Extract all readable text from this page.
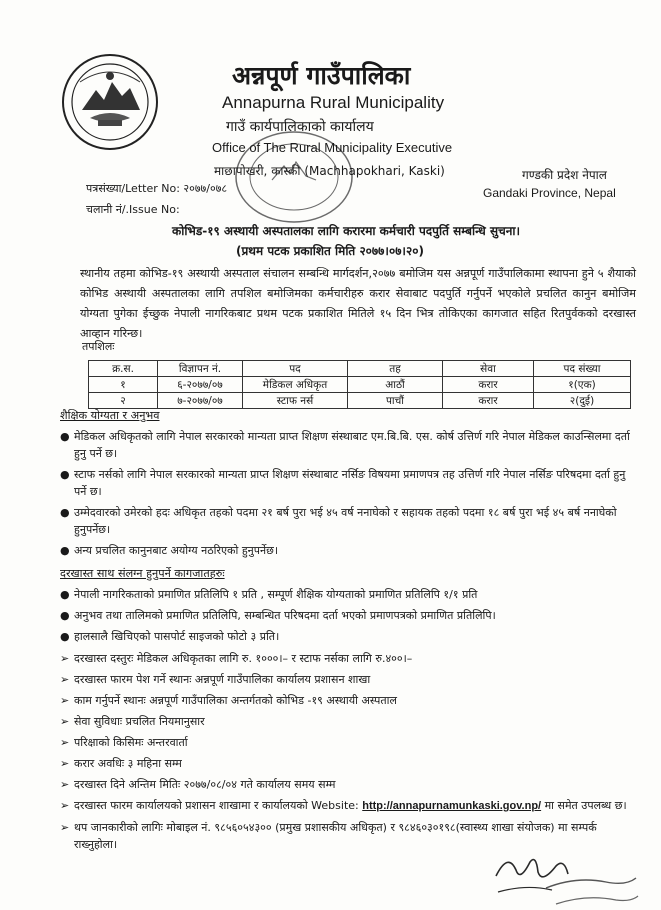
अन्नपूर्ण गाउँपालिका
Annapurna Rural Municipality
गाउँ कार्यपालिकाको कार्यालय
Office of The Rural Municipality Executive
माछापोखरी, कास्की (Machhapokhari, Kaski)	गण्डकी प्रदेश नेपाल
Gandaki Province, Nepal
पत्रसंख्या/Letter No: २०७७/०७८
चलानी नं/.Issue No:
कोभिड-१९ अस्थायी अस्पतालका लागि करारमा कर्मचारी पदपुर्ति सम्बन्धि सुचना।
(प्रथम पटक प्रकाशित मिति २०७७।०७।२०)
स्थानीय तहमा कोभिड-१९ अस्थायी अस्पताल संचालन सम्बन्धि मार्गदर्शन,२०७७ बमोजिम यस अन्नपूर्ण गाउँपालिकामा स्थापना हुने ५ शैयाको कोभिड अस्थायी अस्पतालका लागि तपशिल बमोजिमका कर्मचारीहरु करार सेवाबाट पदपुर्ति गर्नुपर्ने भएकोले प्रचलित कानुन बमोजिम योग्यता पुगेका ईच्छुक नेपाली नागरिकबाट प्रथम पटक प्रकाशित मितिले १५ दिन भित्र तोकिएका कागजात सहित रितपुर्वकको दरखास्त आव्हान गरिन्छ।
तपशिलः
क्र.स.	विज्ञापन नं.	पद	तह	सेवा	पद संख्या
१	६-२०७७/०७	मेडिकल अधिकृत	आठौं	करार	१(एक)
२	७-२०७७/०७	स्टाफ नर्स	पाचौं	करार	२(दुई)
शैक्षिक योग्यता र अनुभव
● मेडिकल अधिकृतको लागि नेपाल सरकारको मान्यता प्राप्त शिक्षण संस्थाबाट एम.बि.बि. एस. कोर्ष उत्तिर्ण गरि नेपाल मेडिकल काउन्सिलमा दर्ता हुनु पर्ने छ।
● स्टाफ नर्सको लागि नेपाल सरकारको मान्यता प्राप्त शिक्षण संस्थाबाट नर्सिङ विषयमा प्रमाणपत्र तह उत्तिर्ण गरि नेपाल नर्सिङ परिषदमा दर्ता हुनु पर्ने छ।
● उम्मेदवारको उमेरको हदः अधिकृत तहको पदमा २१ बर्ष पुरा भई ४५ वर्ष ननाघेको र सहायक तहको पदमा १८ बर्ष पुरा भई ४५ बर्ष ननाघेको हुनुपर्नेछ।
● अन्य प्रचलित कानुनबाट अयोग्य नठरिएको हुनुपर्नेछ।
दरखास्त साथ संलग्न हुनुपर्ने कागजातहरुः
● नेपाली नागरिकताको प्रमाणित प्रतिलिपि १ प्रति , सम्पूर्ण शैक्षिक योग्यताको प्रमाणित प्रतिलिपि १/१ प्रति
● अनुभव तथा तालिमको प्रमाणित प्रतिलिपि, सम्बन्धित परिषदमा दर्ता भएको प्रमाणपत्रको प्रमाणित प्रतिलिपि।
● हालसालै खिचिएको पासपोर्ट साइजको फोटो ३ प्रति।
➢ दरखास्त दस्तुरः मेडिकल अधिकृतका लागि रु. १०००।– र स्टाफ नर्सका लागि रु.४००।–
➢ दरखास्त फारम पेश गर्ने स्थानः अन्नपूर्ण गाउँपालिका कार्यालय प्रशासन शाखा
➢ काम गर्नुपर्ने स्थानः अन्नपूर्ण गाउँपालिका अन्तर्गतको कोभिड -१९ अस्थायी अस्पताल
➢ सेवा सुविधाः प्रचलित नियमानुसार
➢ परिक्षाको किसिमः अन्तरवार्ता
➢ करार अवधिः ३ महिना सम्म
➢ दरखास्त दिने अन्तिम मितिः २०७७/०८/०४ गते कार्यालय समय सम्म
➢ दरखास्त फारम कार्यालयको प्रशासन शाखामा र कार्यालयको Website: http://annapurnamunkaski.gov.np/ मा समेत उपलब्ध छ।
➢ थप जानकारीको लागिः मोबाइल नं. ९८५६०५४३०० (प्रमुख प्रशासकीय अधिकृत) र ९८४६०३०१९८(स्वास्थ्य शाखा संयोजक) मा सम्पर्क राख्नुहोला।
